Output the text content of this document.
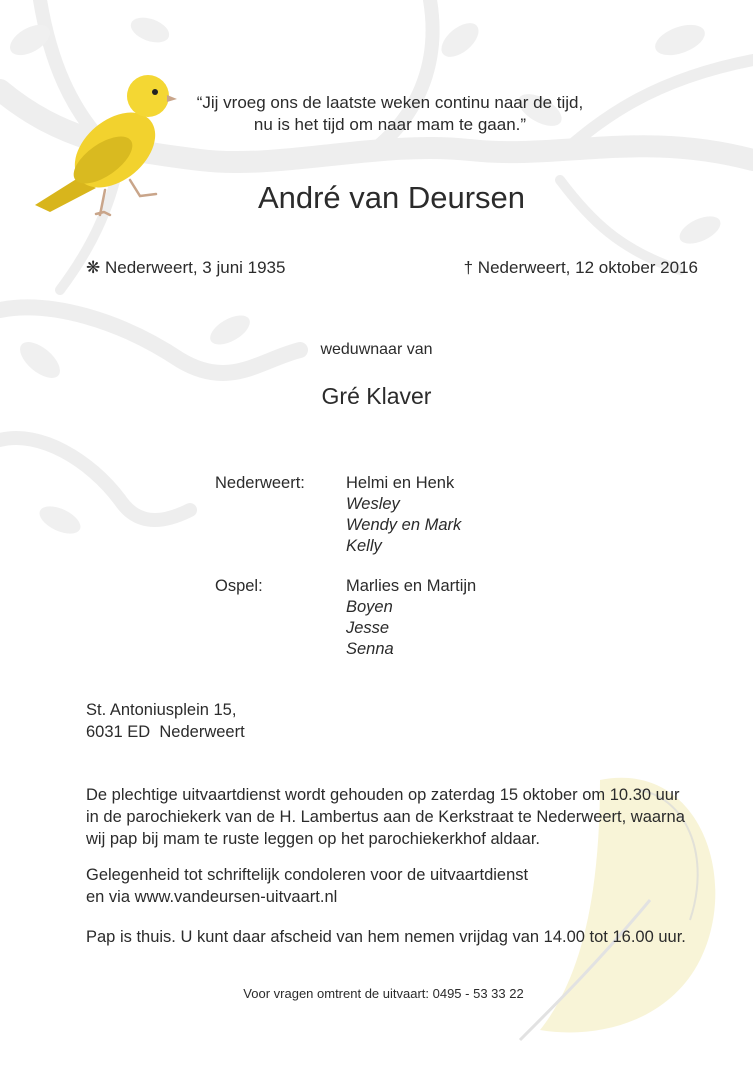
“Jij vroeg ons de laatste weken continu naar de tijd,
nu is het tijd om naar mam te gaan.”
André van Deursen
❋ Nederweert, 3 juni 1935	† Nederweert, 12 oktober 2016
weduwnaar van
Gré Klaver
Nederweert: Helmi en Henk
Wesley
Wendy en Mark
Kelly
Ospel:	Marlies en Martijn
Boyen
Jesse
Senna
St. Antoniusplein 15,
6031 ED  Nederweert
De plechtige uitvaartdienst wordt gehouden op zaterdag 15 oktober om 10.30 uur
in de parochiekerk van de H. Lambertus aan de Kerkstraat te Nederweert, waarna
wij pap bij mam te ruste leggen op het parochiekerkhof aldaar.
Gelegenheid tot schriftelijk condoleren voor de uitvaartdienst
en via www.vandeursen-uitvaart.nl
Pap is thuis. U kunt daar afscheid van hem nemen vrijdag van 14.00 tot 16.00 uur.
Voor vragen omtrent de uitvaart: 0495 - 53 33 22
